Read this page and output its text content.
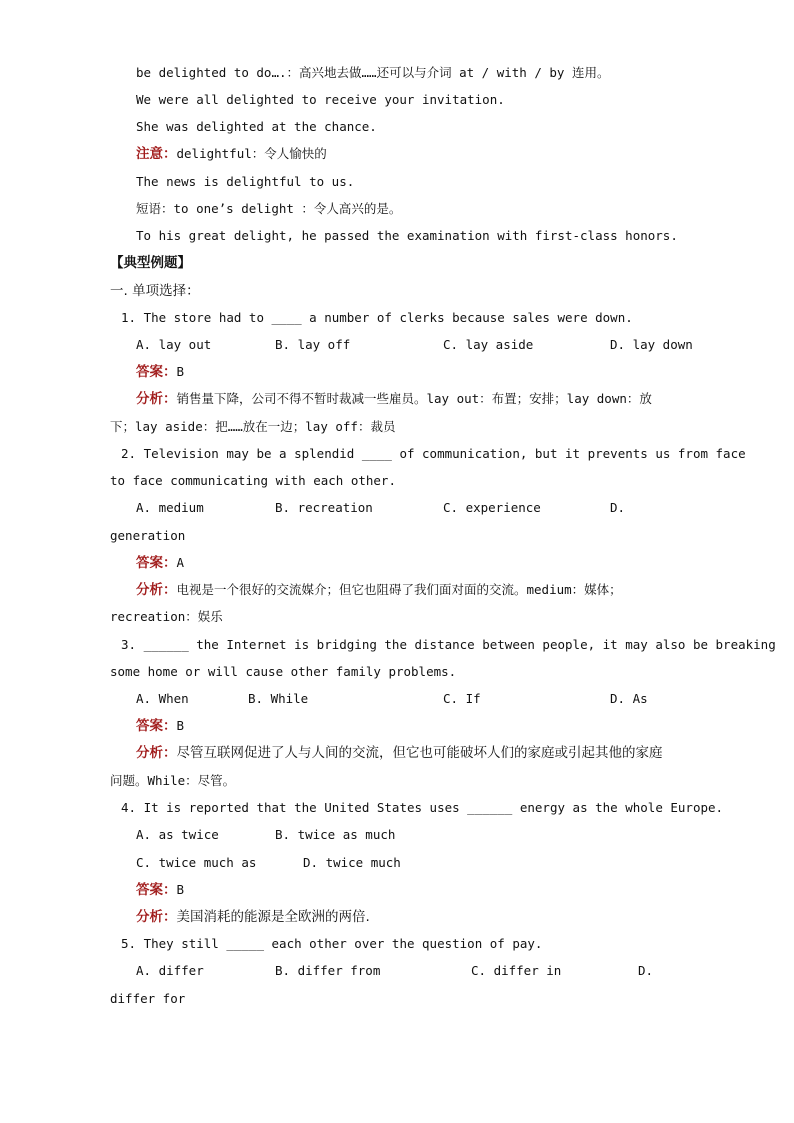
be delighted to do….：高兴地去做……还可以与介词 at / with / by 连用。
We were all delighted to receive your invitation.
She was delighted at the chance.
注意：delightful：令人愉快的
The news is delightful to us.
短语：to one’s delight ：令人高兴的是。
To his great delight, he passed the examination with first-class honors.
【典型例题】
一. 单项选择：
1. The store had to ____ a number of clerks because sales were down.
A. lay out	B. lay off	C. lay aside	D. lay down
答案：B
分析：销售量下降，公司不得不暂时裁减一些雇员。lay out：布置；安排；lay down：放
下；lay aside：把……放在一边；lay off：裁员
2. Television may be a splendid ____ of communication, but it prevents us from face
to face communicating with each other.
A. medium	B. recreation	C. experience	D.
generation
答案：A
分析：电视是一个很好的交流媒介；但它也阻碍了我们面对面的交流。medium：媒体；
recreation：娱乐
3. ______ the Internet is bridging the distance between people, it may also be breaking
some home or will cause other family problems.
A. When	B. While	C. If	D. As
答案：B
分析：尽管互联网促进了人与人间的交流，但它也可能破坏人们的家庭或引起其他的家庭
问题。While：尽管。
4. It is reported that the United States uses ______ energy as the whole Europe.
A. as twice	B. twice as much
C. twice much as	D. twice much
答案：B
分析：美国消耗的能源是全欧洲的两倍.
5. They still _____ each other over the question of pay.
A. differ	B. differ from	C. differ in	D.
differ for
